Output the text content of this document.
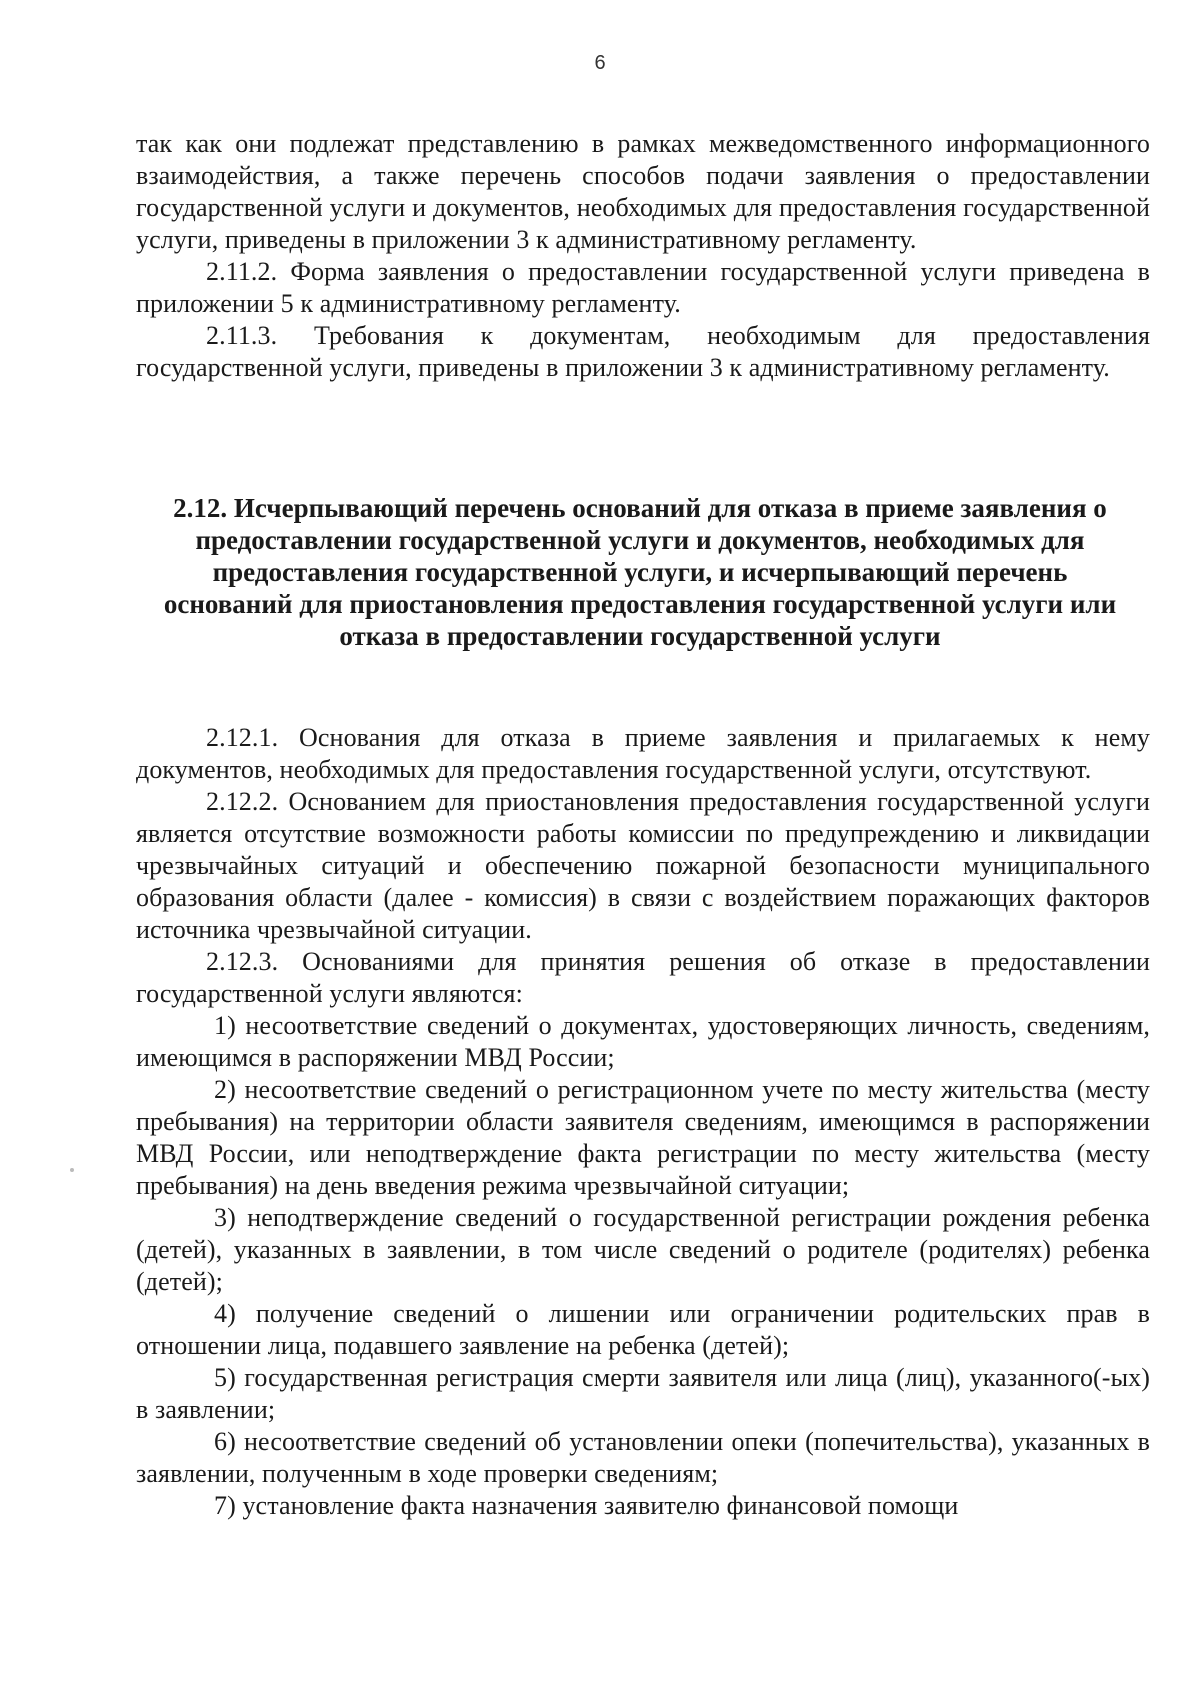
6

так как они подлежат представлению в рамках межведомственного информационного взаимодействия, а также перечень способов подачи заявления о предоставлении государственной услуги и документов, необходимых для предоставления государственной услуги, приведены в приложении 3 к административному регламенту.

2.11.2. Форма заявления о предоставлении государственной услуги приведена в приложении 5 к административному регламенту.

2.11.3. Требования к документам, необходимым для предоставления государственной услуги, приведены в приложении 3 к административному регламенту.

2.12. Исчерпывающий перечень оснований для отказа в приеме заявления о предоставлении государственной услуги и документов, необходимых для предоставления государственной услуги, и исчерпывающий перечень оснований для приостановления предоставления государственной услуги или отказа в предоставлении государственной услуги

2.12.1. Основания для отказа в приеме заявления и прилагаемых к нему документов, необходимых для предоставления государственной услуги, отсутствуют.

2.12.2. Основанием для приостановления предоставления государственной услуги является отсутствие возможности работы комиссии по предупреждению и ликвидации чрезвычайных ситуаций и обеспечению пожарной безопасности муниципального образования области (далее - комиссия) в связи с воздействием поражающих факторов источника чрезвычайной ситуации.

2.12.3. Основаниями для принятия решения об отказе в предоставлении государственной услуги являются:

1) несоответствие сведений о документах, удостоверяющих личность, сведениям, имеющимся в распоряжении МВД России;

2) несоответствие сведений о регистрационном учете по месту жительства (месту пребывания) на территории области заявителя сведениям, имеющимся в распоряжении МВД России, или неподтверждение факта регистрации по месту жительства (месту пребывания) на день введения режима чрезвычайной ситуации;

3) неподтверждение сведений о государственной регистрации рождения ребенка (детей), указанных в заявлении, в том числе сведений о родителе (родителях) ребенка (детей);

4) получение сведений о лишении или ограничении родительских прав в отношении лица, подавшего заявление на ребенка (детей);

5) государственная регистрация смерти заявителя или лица (лиц), указанного(-ых) в заявлении;

6) несоответствие сведений об установлении опеки (попечительства), указанных в заявлении, полученным в ходе проверки сведениям;

7) установление факта назначения заявителю финансовой помощи
